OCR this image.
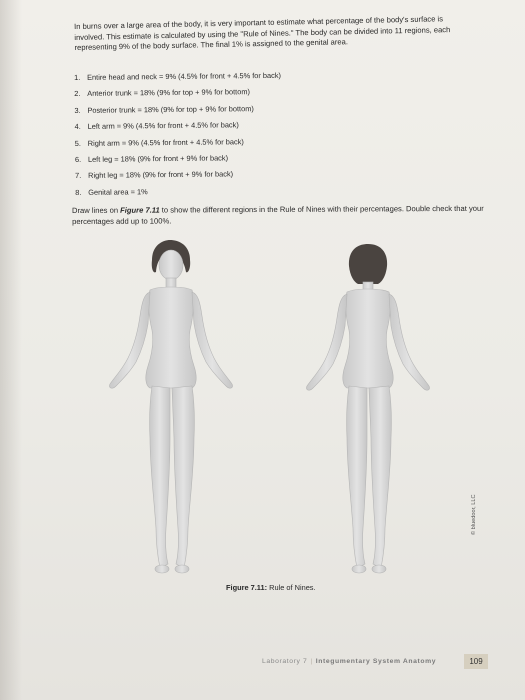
In burns over a large area of the body, it is very important to estimate what percentage of the body's surface is involved. This estimate is calculated by using the "Rule of Nines." The body can be divided into 11 regions, each representing 9% of the body surface. The final 1% is assigned to the genital area.

1. Entire head and neck = 9% (4.5% for front + 4.5% for back)
2. Anterior trunk = 18% (9% for top + 9% for bottom)
3. Posterior trunk = 18% (9% for top + 9% for bottom)
4. Left arm = 9% (4.5% for front + 4.5% for back)
5. Right arm = 9% (4.5% for front + 4.5% for back)
6. Left leg = 18% (9% for front + 9% for back)
7. Right leg = 18% (9% for front + 9% for back)
8. Genital area = 1%

Draw lines on Figure 7.11 to show the different regions in the Rule of Nines with their percentages. Double check that your percentages add up to 100%.

© bluedoor, LLC

Figure 7.11: Rule of Nines.

Laboratory 7 | Integumentary System Anatomy	109
